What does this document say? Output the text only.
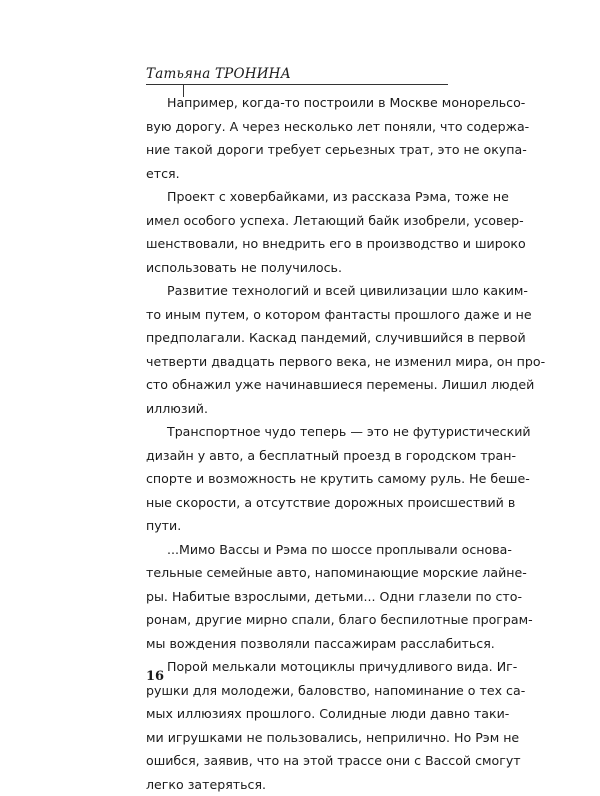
Татьяна ТРОНИНА
Например, когда-то построили в Москве монорельсо-
вую дорогу. А через несколько лет поняли, что содержа-
ние такой дороги требует серьезных трат, это не окупа-
ется.
Проект с ховербайками, из рассказа Рэма, тоже не
имел особого успеха. Летающий байк изобрели, усовер-
шенствовали, но внедрить его в производство и широко
использовать не получилось.
Развитие технологий и всей цивилизации шло каким-
то иным путем, о котором фантасты прошлого даже и не
предполагали. Каскад пандемий, случившийся в первой
четверти двадцать первого века, не изменил мира, он про-
сто обнажил уже начинавшиеся перемены. Лишил людей
иллюзий.
Транспортное чудо теперь — это не футуристический
дизайн у авто, а бесплатный проезд в городском тран-
спорте и возможность не крутить самому руль. Не беше-
ные скорости, а отсутствие дорожных происшествий в
пути.
...Мимо Вассы и Рэма по шоссе проплывали основа-
тельные семейные авто, напоминающие морские лайне-
ры. Набитые взрослыми, детьми... Одни глазели по сто-
ронам, другие мирно спали, благо беспилотные програм-
мы вождения позволяли пассажирам расслабиться.
Порой мелькали мотоциклы причудливого вида. Иг-
рушки для молодежи, баловство, напоминание о тех са-
мых иллюзиях прошлого. Солидные люди давно таки-
ми игрушками не пользовались, неприлично. Но Рэм не
ошибся, заявив, что на этой трассе они с Вассой смогут
легко затеряться.
16
